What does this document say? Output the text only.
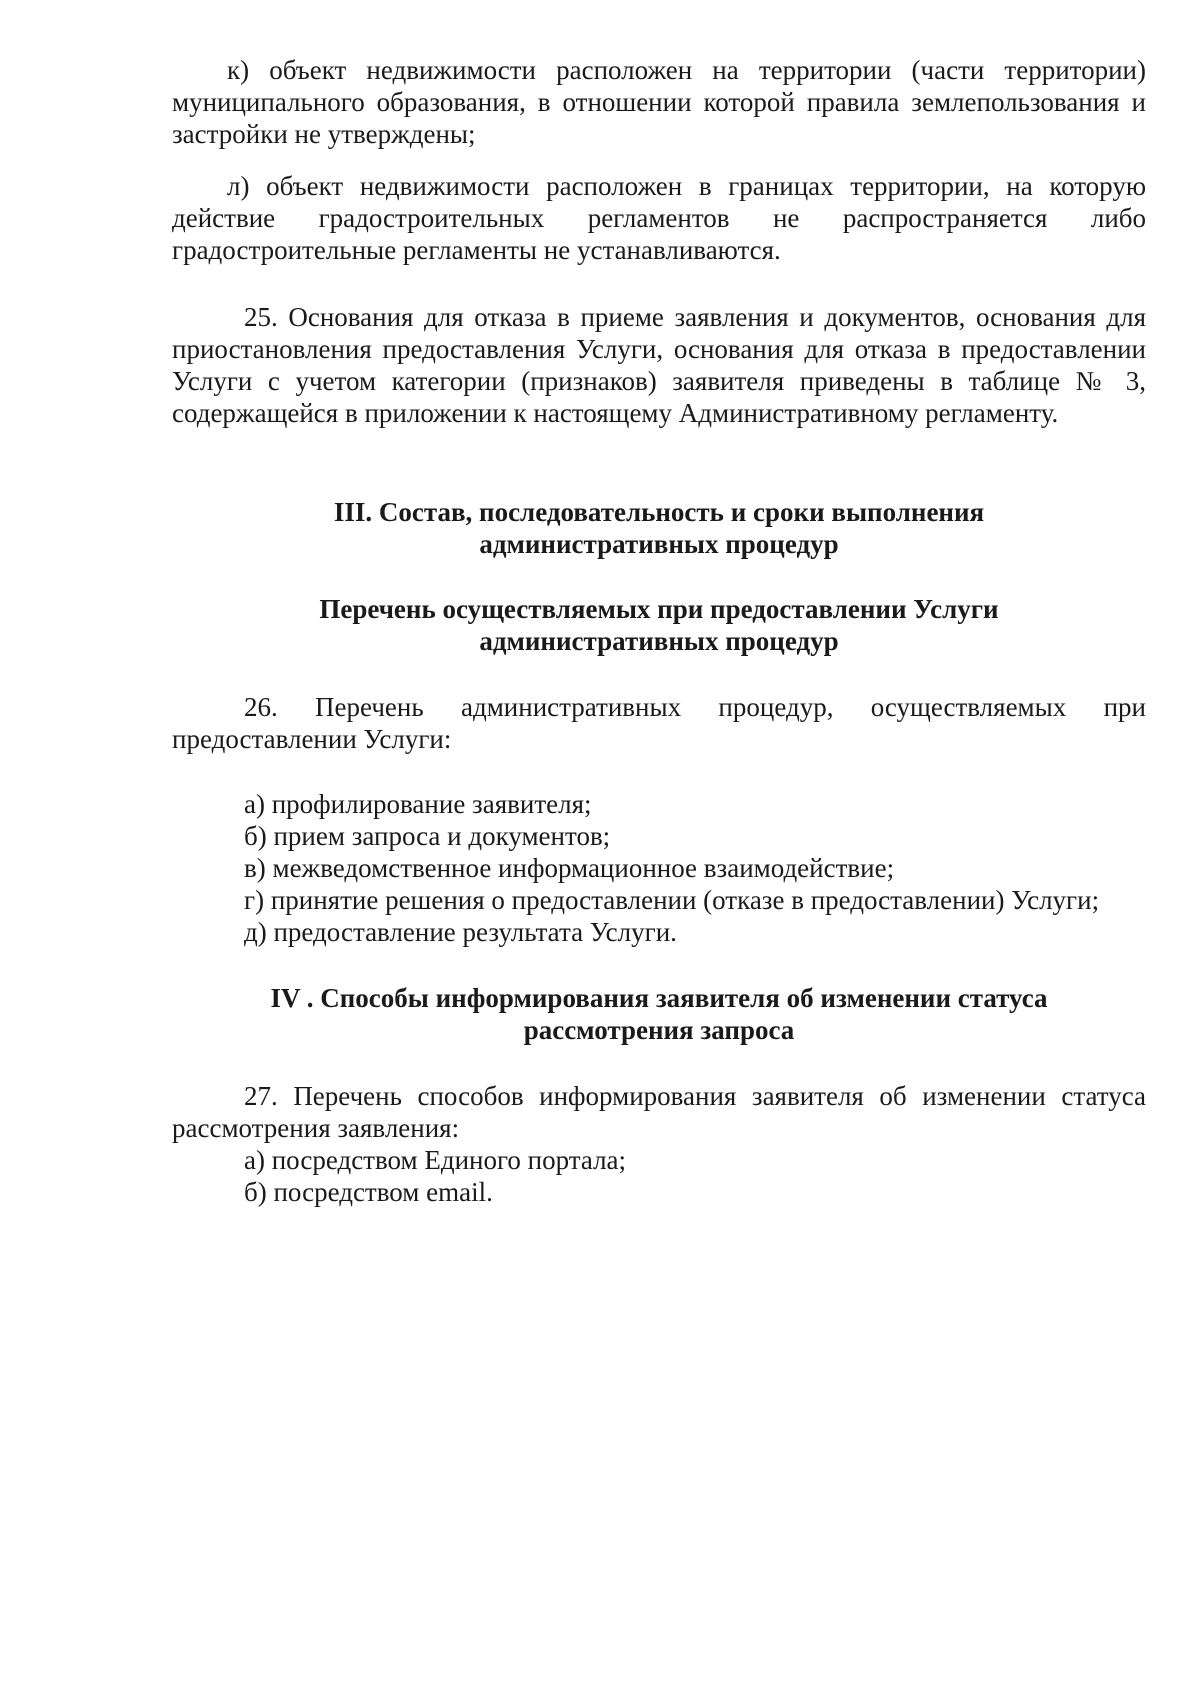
к) объект недвижимости расположен на территории (части территории) муниципального образования, в отношении которой правила землепользования и застройки не утверждены;

л) объект недвижимости расположен в границах территории, на которую действие градостроительных регламентов не распространяется либо градостроительные регламенты не устанавливаются.

25. Основания для отказа в приеме заявления и документов, основания для приостановления предоставления Услуги, основания для отказа в предоставлении Услуги с учетом категории (признаков) заявителя приведены в таблице № 3, содержащейся в приложении к настоящему Административному регламенту.

III. Состав, последовательность и сроки выполнения
административных процедур
Перечень осуществляемых при предоставлении Услуги
административных процедур

26. Перечень административных процедур, осуществляемых при предоставлении Услуги:

а) профилирование заявителя;
б) прием запроса и документов;
в) межведомственное информационное взаимодействие;
г) принятие решения о предоставлении (отказе в предоставлении) Услуги;
д) предоставление результата Услуги.
IV . Способы информирования заявителя об изменении статуса
рассмотрения запроса

27. Перечень способов информирования заявителя об изменении статуса рассмотрения заявления:

а) посредством Единого портала;
б) посредством email.
